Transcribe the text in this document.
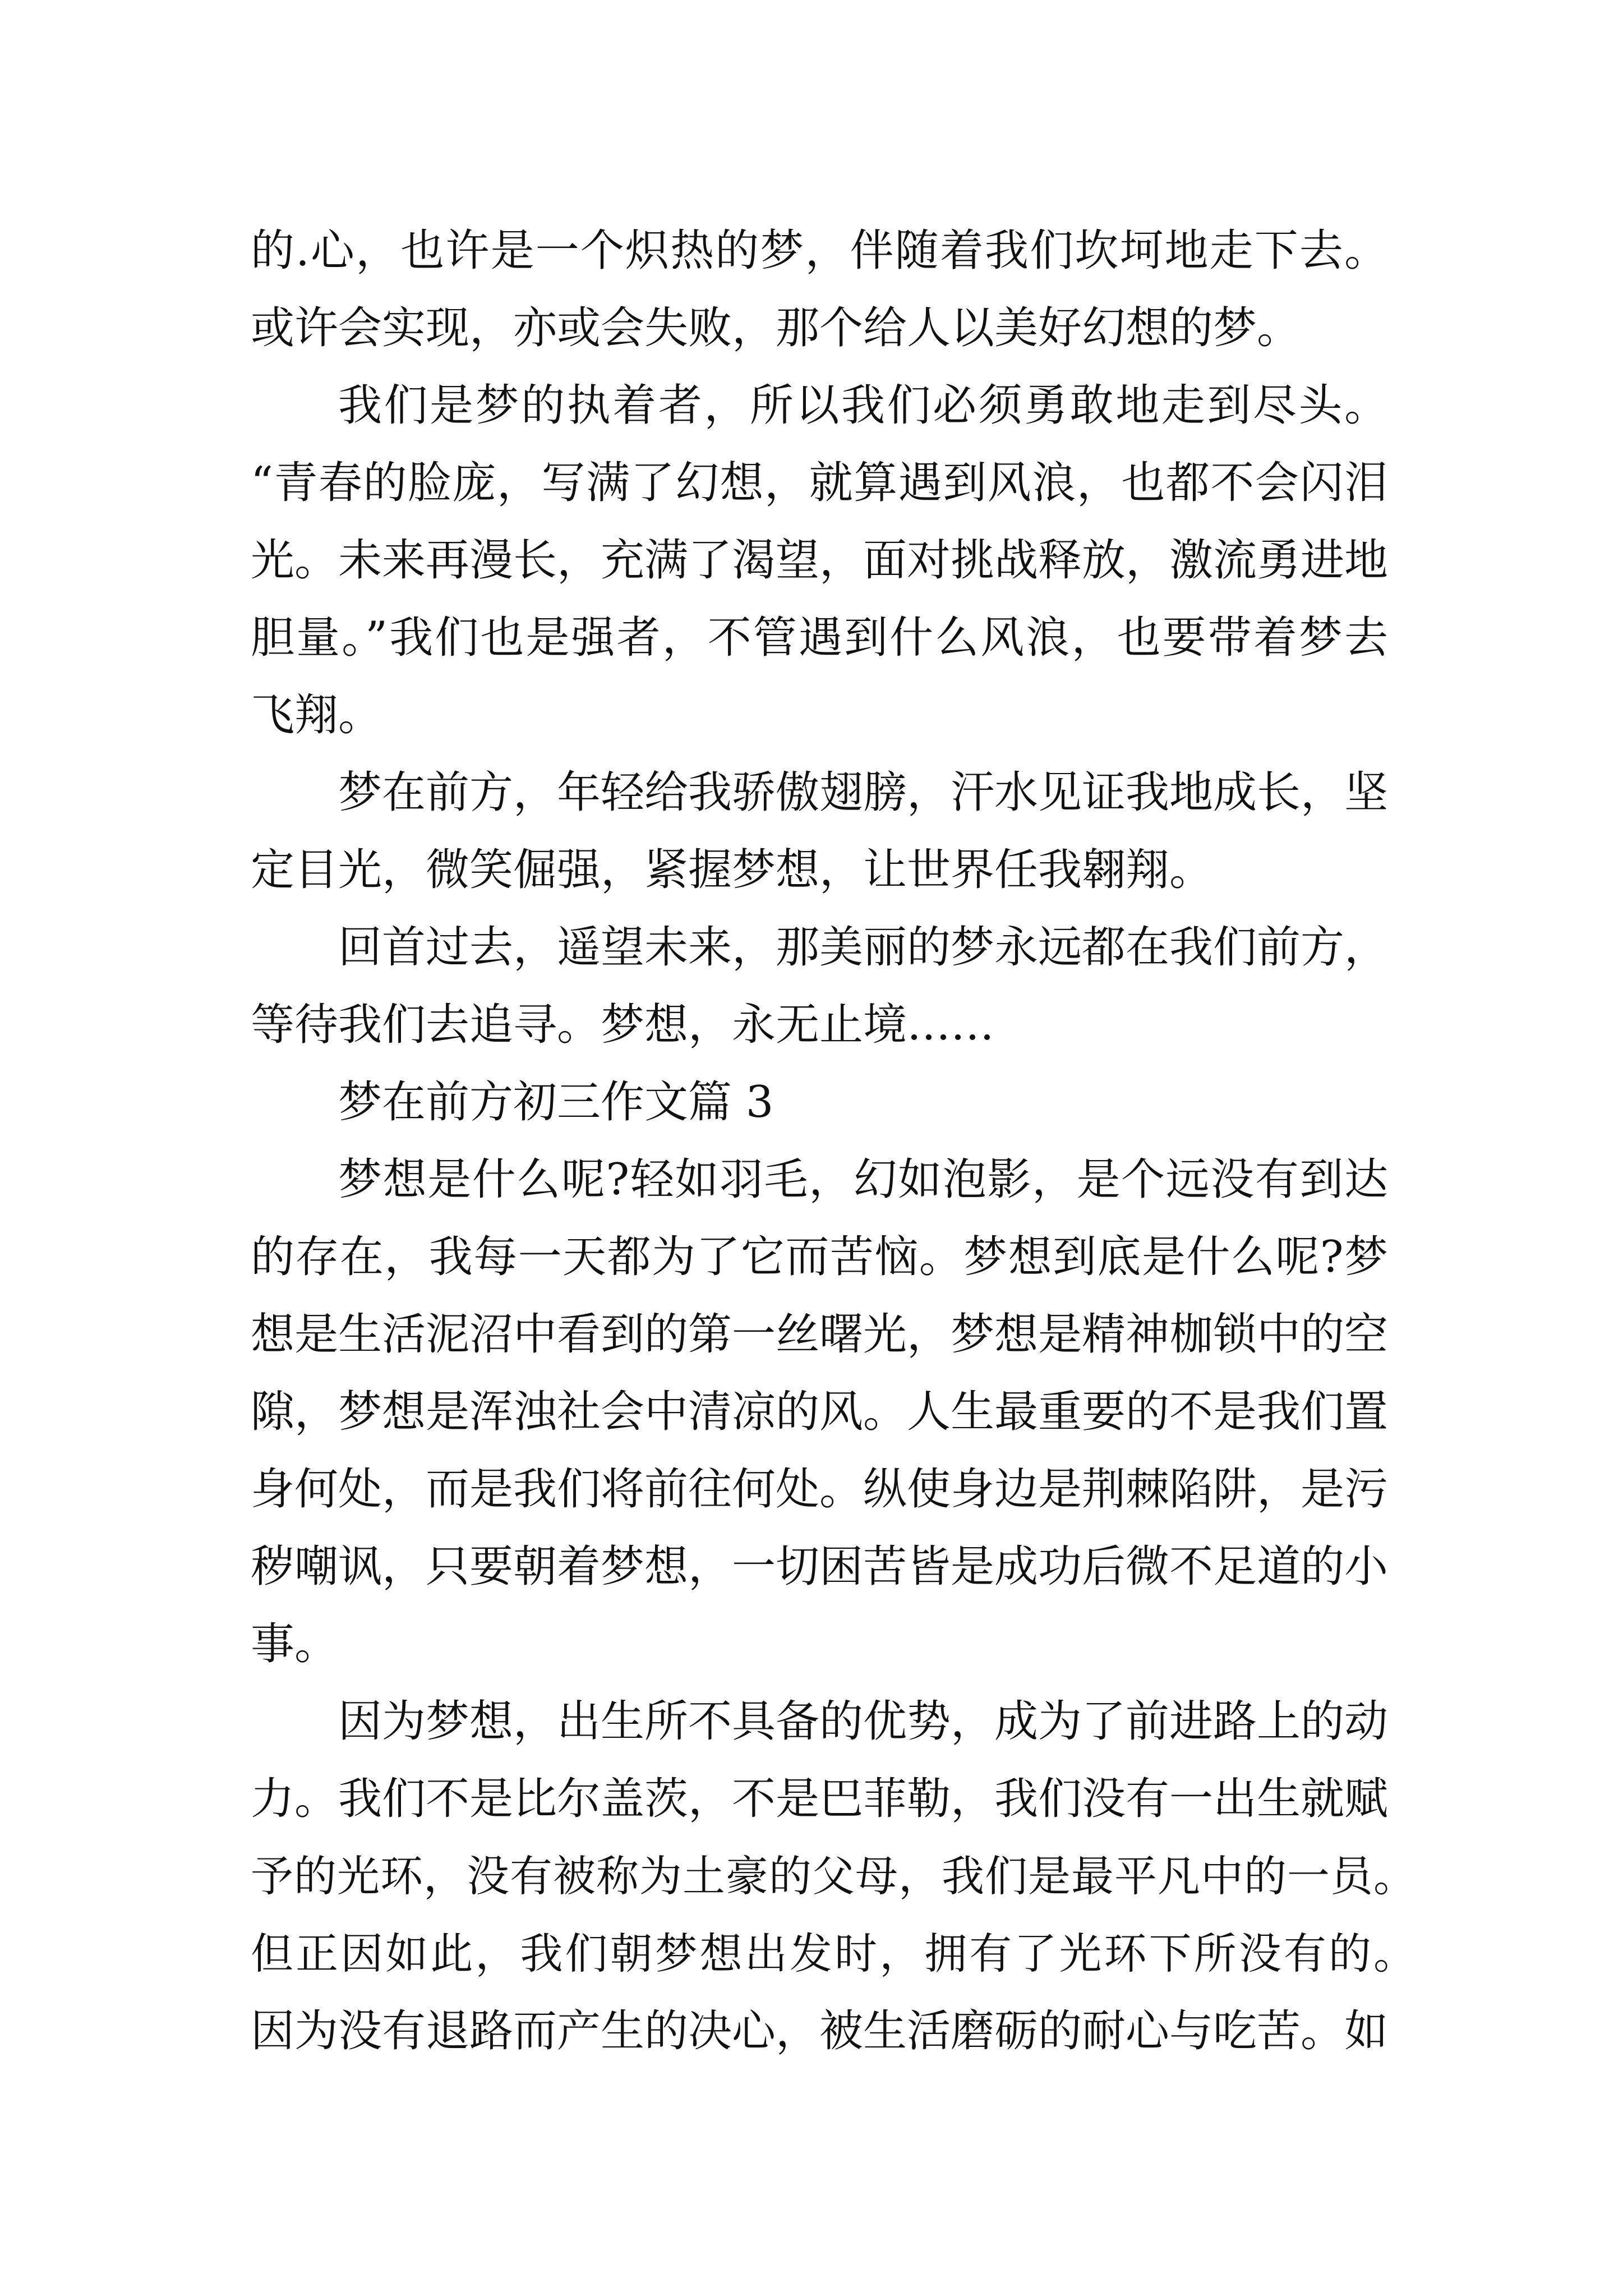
的.心，也许是一个炽热的梦，伴随着我们坎坷地走下去。
或许会实现，亦或会失败，那个给人以美好幻想的梦。
我们是梦的执着者，所以我们必须勇敢地走到尽头。
“青春的脸庞，写满了幻想，就算遇到风浪，也都不会闪泪
光。未来再漫长，充满了渴望，面对挑战释放，激流勇进地
胆量。”我们也是强者，不管遇到什么风浪，也要带着梦去
飞翔。
梦在前方，年轻给我骄傲翅膀，汗水见证我地成长，坚
定目光，微笑倔强，紧握梦想，让世界任我翱翔。
回首过去，遥望未来，那美丽的梦永远都在我们前方，
等待我们去追寻。梦想，永无止境……
梦在前方初三作文篇 3
梦想是什么呢?轻如羽毛，幻如泡影，是个远没有到达
的存在，我每一天都为了它而苦恼。梦想到底是什么呢?梦
想是生活泥沼中看到的第一丝曙光，梦想是精神枷锁中的空
隙，梦想是浑浊社会中清凉的风。人生最重要的不是我们置
身何处，而是我们将前往何处。纵使身边是荆棘陷阱，是污
秽嘲讽，只要朝着梦想，一切困苦皆是成功后微不足道的小
事。
因为梦想，出生所不具备的优势，成为了前进路上的动
力。我们不是比尔盖茨，不是巴菲勒，我们没有一出生就赋
予的光环，没有被称为土豪的父母，我们是最平凡中的一员。
但正因如此，我们朝梦想出发时，拥有了光环下所没有的。
因为没有退路而产生的决心，被生活磨砺的耐心与吃苦。如
